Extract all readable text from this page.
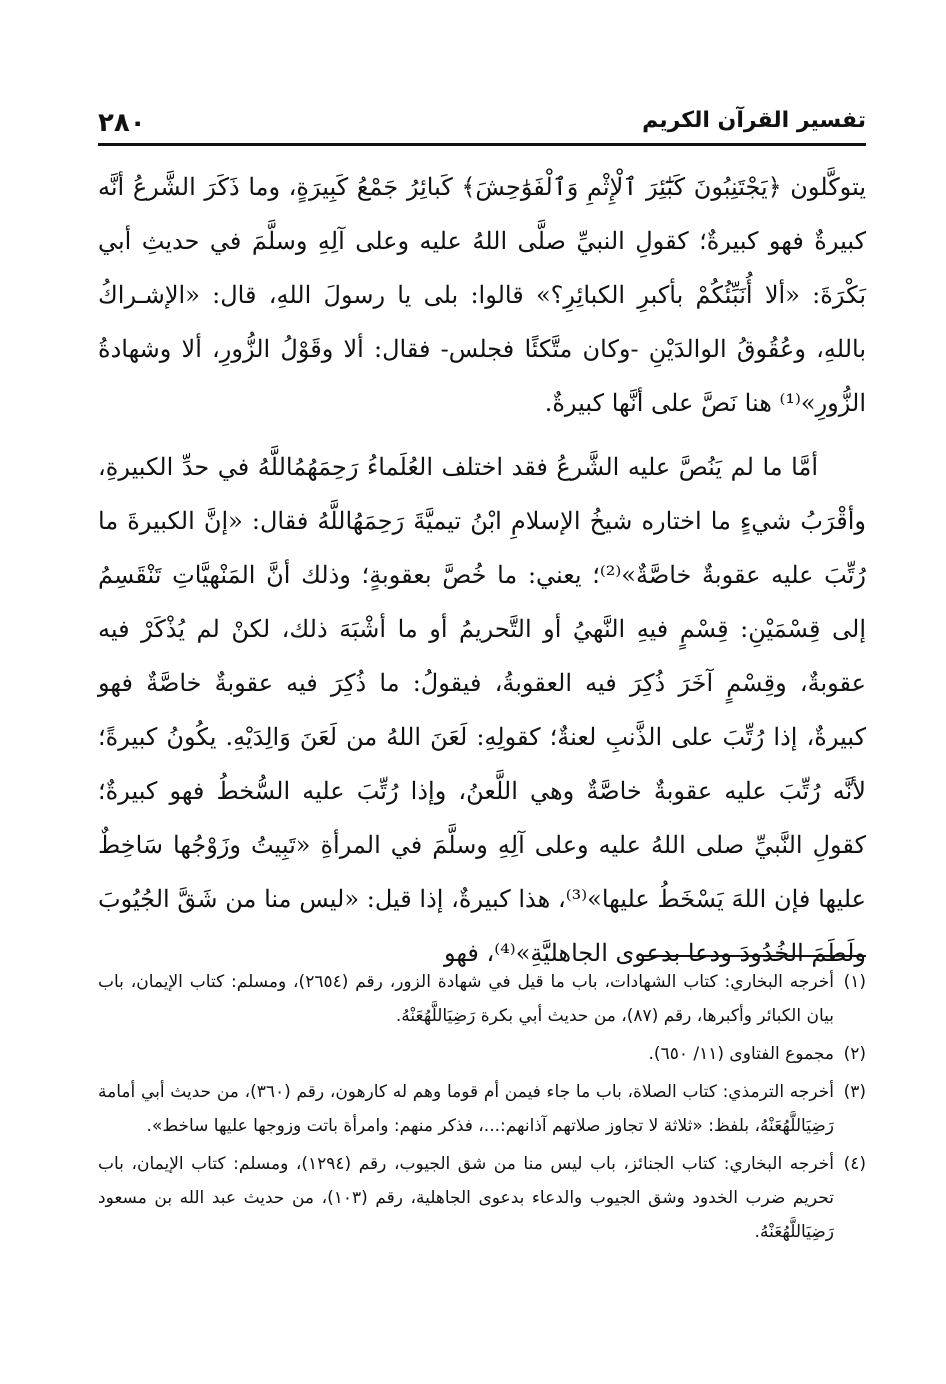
٢٨٠	تفسير القرآن الكريم

يتوكَّلون ﴿يَجْتَنِبُونَ كَبَٰٓئِرَ ٱلْإِثْمِ وَٱلْفَوَٰحِشَ﴾ كَبائِرُ جَمْعُ كَبِيرَةٍ، وما ذَكَرَ الشَّرعُ أنَّه كبيرةٌ فهو كبيرةٌ؛ كقولِ النبيِّ صلَّى اللهُ عليه وعلى آلِهِ وسلَّمَ في حديثِ أبي بَكْرَةَ: «ألا أُنَبِّئُكُمْ بأكبرِ الكبائِرِ؟» قالوا: بلى يا رسولَ اللهِ، قال: «الإشـراكُ باللهِ، وعُقُوقُ الوالدَيْنِ -وكان متَّكئًا فجلس- فقال: ألا وقَوْلُ الزُّورِ، ألا وشهادةُ الزُّورِ»⁽¹⁾ هنا نَصَّ على أنَّها كبيرةٌ.

أمَّا ما لم يَنُصَّ عليه الشَّرعُ فقد اختلف العُلَماءُ رَحِمَهُمُاللَّهُ في حدِّ الكبيرةِ، وأقْرَبُ شيءٍ ما اختاره شيخُ الإسلامِ ابْنُ تيميَّةَ رَحِمَهُاللَّهُ فقال: «إنَّ الكبيرةَ ما رُتِّبَ عليه عقوبةٌ خاصَّةٌ»⁽²⁾؛ يعني: ما خُصَّ بعقوبةٍ؛ وذلك أنَّ المَنْهيَّاتِ تَنْقَسِمُ إلى قِسْمَيْنِ: قِسْمٍ فيهِ النَّهيُ أو التَّحريمُ أو ما أشْبَهَ ذلك، لكنْ لم يُذْكَرْ فيه عقوبةٌ، وقِسْمٍ آخَرَ ذُكِرَ فيه العقوبةُ، فيقولُ: ما ذُكِرَ فيه عقوبةٌ خاصَّةٌ فهو كبيرةٌ، إذا رُتِّبَ على الذَّنبِ لعنةٌ؛ كقولِهِ: لَعَنَ اللهُ من لَعَنَ وَالِدَيْهِ. يكُونُ كبيرةً؛ لأنَّه رُتِّبَ عليه عقوبةٌ خاصَّةٌ وهي اللَّعنُ، وإذا رُتِّبَ عليه السُّخطُ فهو كبيرةٌ؛ كقولِ النَّبيِّ صلى اللهُ عليه وعلى آلِهِ وسلَّمَ في المرأةِ «تَبِيتُ وزَوْجُها سَاخِطٌ عليها فإن اللهَ يَسْخَطُ عليها»⁽³⁾، هذا كبيرةٌ، إذا قيل: «ليس منا من شَقَّ الجُيُوبَ ولَطَمَ الخُدُودَ ودعا بدعوى الجاهليَّةِ»⁽⁴⁾، فهو

(١)
أخرجه البخاري: كتاب الشهادات، باب ما قيل في شهادة الزور، رقم (٢٦٥٤)، ومسلم: كتاب الإيمان، باب بيان الكبائر وأكبرها، رقم (٨٧)، من حديث أبي بكرة رَضِيَاللَّهُعَنْهُ.
(٢)
مجموع الفتاوى (١١/ ٦٥٠).
(٣)
أخرجه الترمذي: كتاب الصلاة، باب ما جاء فيمن أم قوما وهم له كارهون، رقم (٣٦٠)، من حديث أبي أمامة رَضِيَاللَّهُعَنْهُ، بلفظ: «ثلاثة لا تجاوز صلاتهم آذانهم:...، فذكر منهم: وامرأة باتت وزوجها عليها ساخط».
(٤)
أخرجه البخاري: كتاب الجنائز، باب ليس منا من شق الجيوب، رقم (١٢٩٤)، ومسلم: كتاب الإيمان، باب تحريم ضرب الخدود وشق الجيوب والدعاء بدعوى الجاهلية، رقم (١٠٣)، من حديث عبد الله بن مسعود رَضِيَاللَّهُعَنْهُ.
